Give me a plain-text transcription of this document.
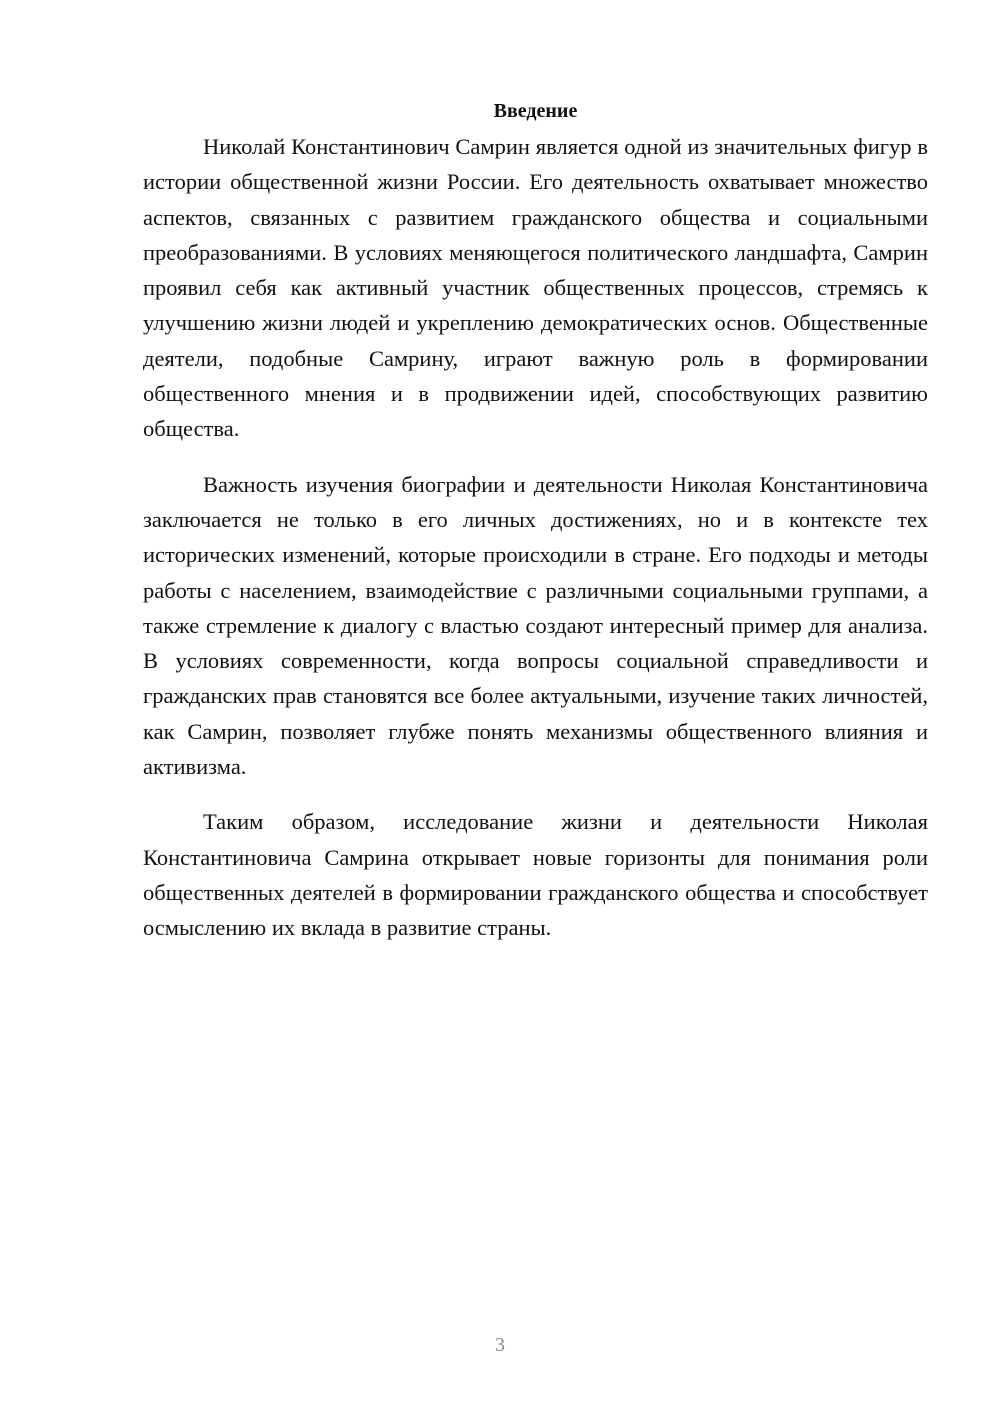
Введение

Николай Константинович Самрин является одной из значительных фигур в истории общественной жизни России. Его деятельность охватывает множество аспектов, связанных с развитием гражданского общества и социальными преобразованиями. В условиях меняющегося политического ландшафта, Самрин проявил себя как активный участник общественных процессов, стремясь к улучшению жизни людей и укреплению демократических основ. Общественные деятели, подобные Самрину, играют важную роль в формировании общественного мнения и в продвижении идей, способствующих развитию общества.

Важность изучения биографии и деятельности Николая Константиновича заключается не только в его личных достижениях, но и в контексте тех исторических изменений, которые происходили в стране. Его подходы и методы работы с населением, взаимодействие с различными социальными группами, а также стремление к диалогу с властью создают интересный пример для анализа. В условиях современности, когда вопросы социальной справедливости и гражданских прав становятся все более актуальными, изучение таких личностей, как Самрин, позволяет глубже понять механизмы общественного влияния и активизма.

Таким образом, исследование жизни и деятельности Николая Константиновича Самрина открывает новые горизонты для понимания роли общественных деятелей в формировании гражданского общества и способствует осмыслению их вклада в развитие страны.

3
